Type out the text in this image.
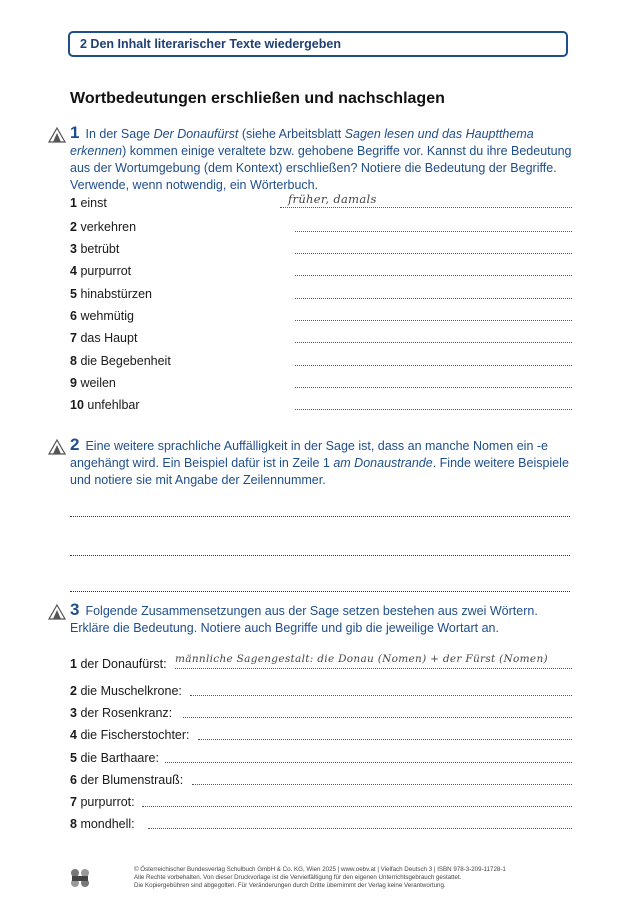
2 Den Inhalt literarischer Texte wiedergeben
Wortbedeutungen erschließen und nachschlagen
1 In der Sage Der Donaufürst (siehe Arbeitsblatt Sagen lesen und das Hauptthema erkennen) kommen einige veraltete bzw. gehobene Begriffe vor. Kannst du ihre Bedeutung aus der Wortumgebung (dem Kontext) erschließen? Notiere die Bedeutung der Begriffe. Verwende, wenn notwendig, ein Wörterbuch.
1 einst	früher, damals
2 verkehren
3 betrübt
4 purpurrot
5 hinabstürzen
6 wehmütig
7 das Haupt
8 die Begebenheit
9 weilen
10 unfehlbar
2 Eine weitere sprachliche Auffälligkeit in der Sage ist, dass an manche Nomen ein -e angehängt wird. Ein Beispiel dafür ist in Zeile 1 am Donaustrande. Finde weitere Beispiele und notiere sie mit Angabe der Zeilennummer.
3 Folgende Zusammensetzungen aus der Sage setzen bestehen aus zwei Wörtern. Erkläre die Bedeutung. Notiere auch Begriffe und gib die jeweilige Wortart an.
1 der Donaufürst: männliche Sagengestalt: die Donau (Nomen) + der Fürst (Nomen)
2 die Muschelkrone:
3 der Rosenkranz:
4 die Fischerstochter:
5 die Barthaare:
6 der Blumenstrauß:
7 purpurrot:
8 mondhell:
© Österreichischer Bundesverlag Schulbuch GmbH & Co. KG, Wien 2025 | www.oebv.at | Vielfach Deutsch 3 | ISBN 978-3-209-11728-1
Alle Rechte vorbehalten. Von dieser Druckvorlage ist die Vervielfältigung für den eigenen Unterrichtsgebrauch gestattet.
Die Kopiergebühren sind abgegolten. Für Veränderungen durch Dritte übernimmt der Verlag keine Verantwortung.
